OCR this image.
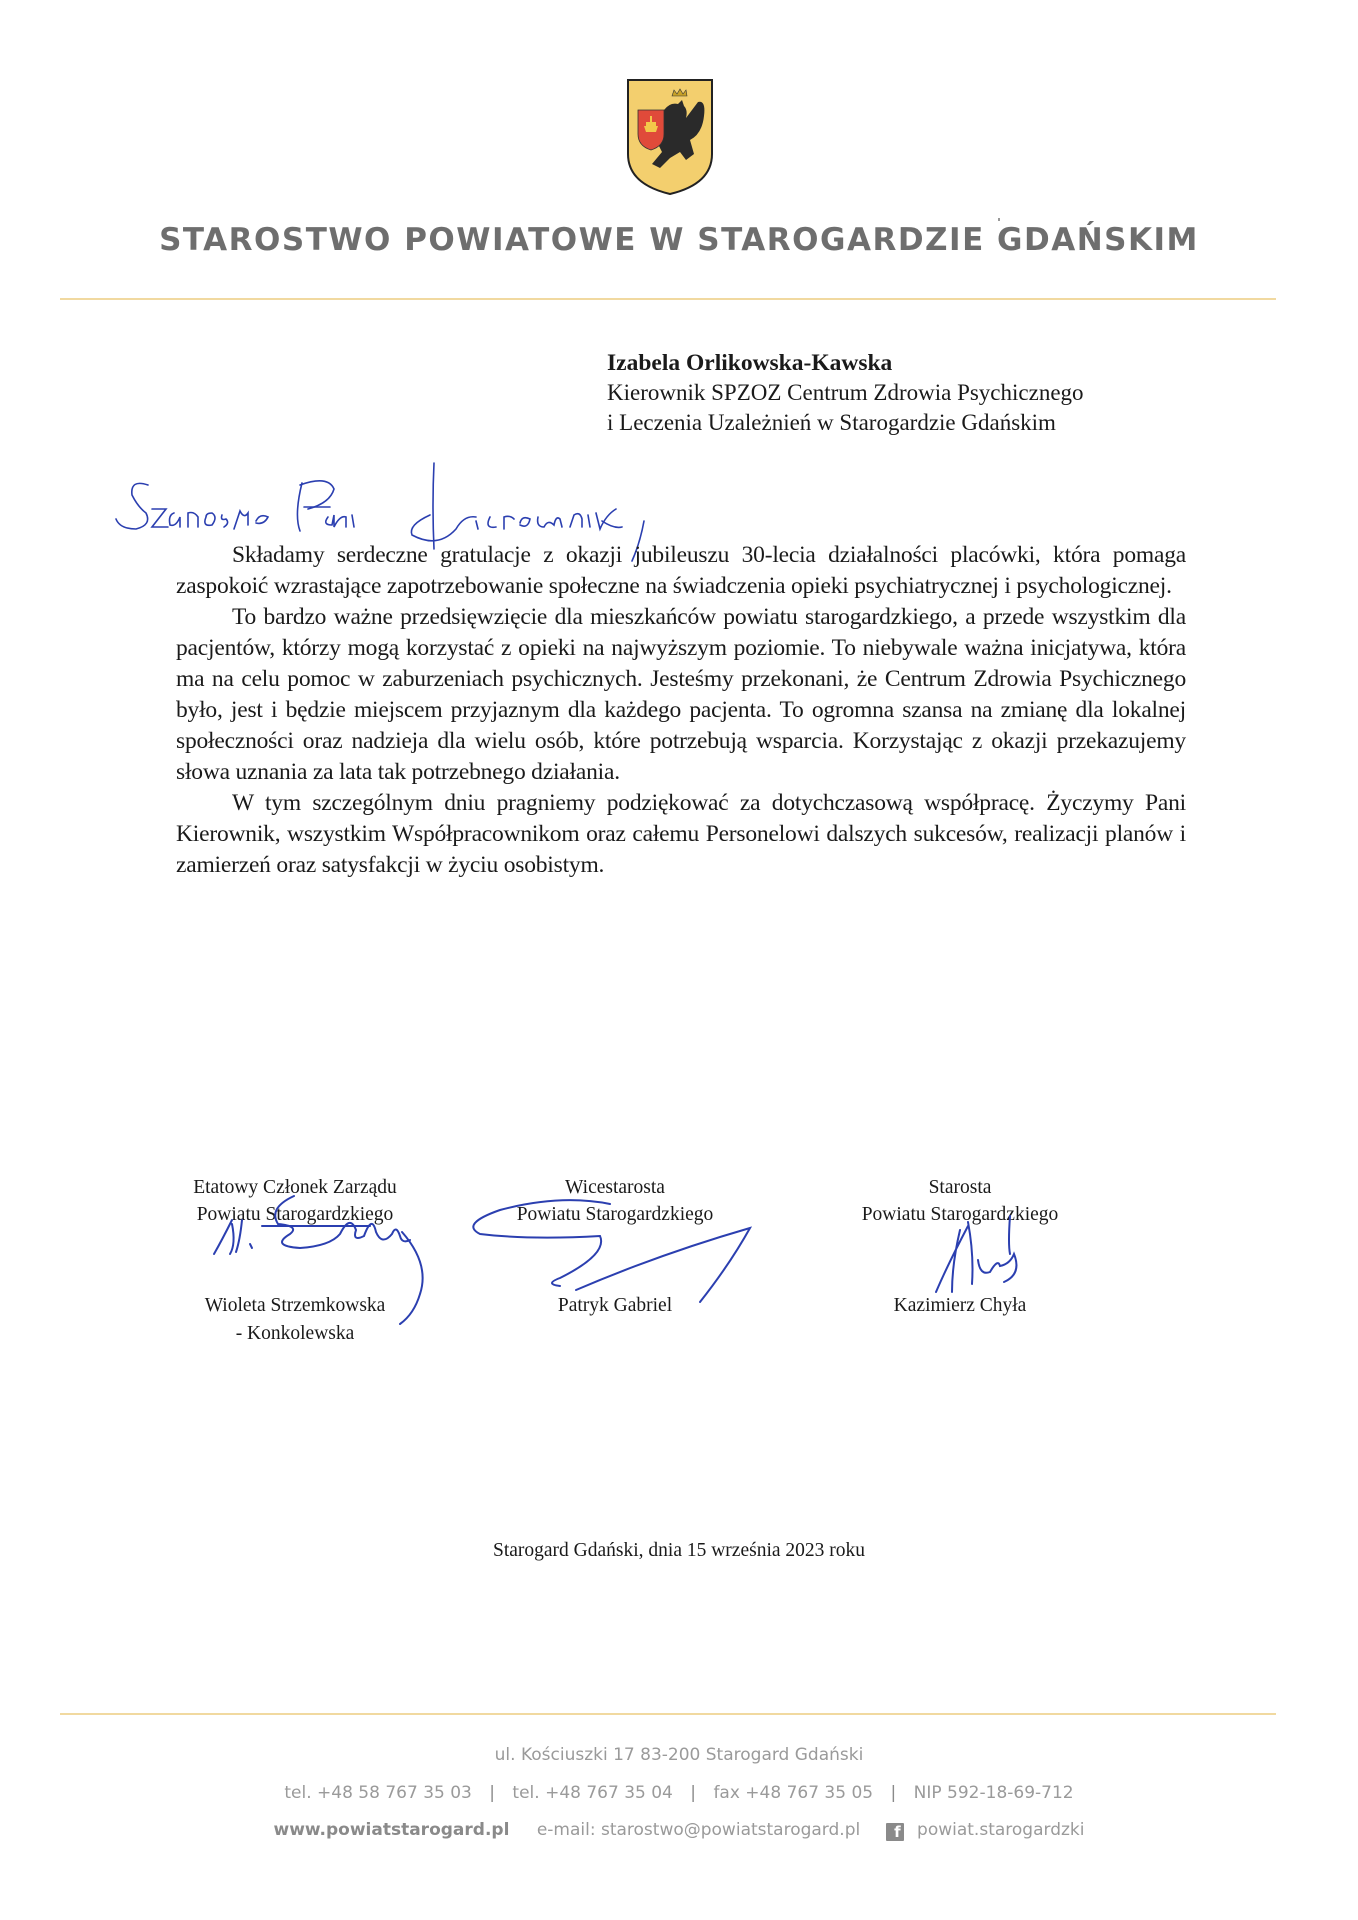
STAROSTWO POWIATOWE W STAROGARDZIE GDAŃSKIM
Izabela Orlikowska-Kawska
Kierownik SPZOZ Centrum Zdrowia Psychicznego
i Leczenia Uzależnień w Starogardzie Gdańskim

Składamy serdeczne gratulacje z okazji jubileuszu 30-lecia działalności placówki, która pomaga zaspokoić wzrastające zapotrzebowanie społeczne na świadczenia opieki psychiatrycznej i psychologicznej.

To bardzo ważne przedsięwzięcie dla mieszkańców powiatu starogardzkiego, a przede wszystkim dla pacjentów, którzy mogą korzystać z opieki na najwyższym poziomie. To niebywale ważna inicjatywa, która ma na celu pomoc w zaburzeniach psychicznych. Jesteśmy przekonani, że Centrum Zdrowia Psychicznego było, jest i będzie miejscem przyjaznym dla każdego pacjenta. To ogromna szansa na zmianę dla lokalnej społeczności oraz nadzieja dla wielu osób, które potrzebują wsparcia. Korzystając z okazji przekazujemy słowa uznania za lata tak potrzebnego działania.

W tym szczególnym dniu pragniemy podziękować za dotychczasową współpracę. Życzymy Pani Kierownik, wszystkim Współpracownikom oraz całemu Personelowi dalszych sukcesów, realizacji planów i zamierzeń oraz satysfakcji w życiu osobistym.

Etatowy Członek Zarządu
Powiatu Starogardzkiego
Wioleta Strzemkowska
- Konkolewska
Wicestarosta
Powiatu Starogardzkiego
Patryk Gabriel
Starosta
Powiatu Starogardzkiego
Kazimierz Chyła
Starogard Gdański, dnia 15 września 2023 roku
ul. Kościuszki 17 83-200 Starogard Gdański
tel. +48 58 767 35 03 | tel. +48 767 35 04 | fax +48 767 35 05 | NIP 592-18-69-712
www.powiatstarogard.pl e-mail: starostwo@powiatstarogard.pl f powiat.starogardzki
